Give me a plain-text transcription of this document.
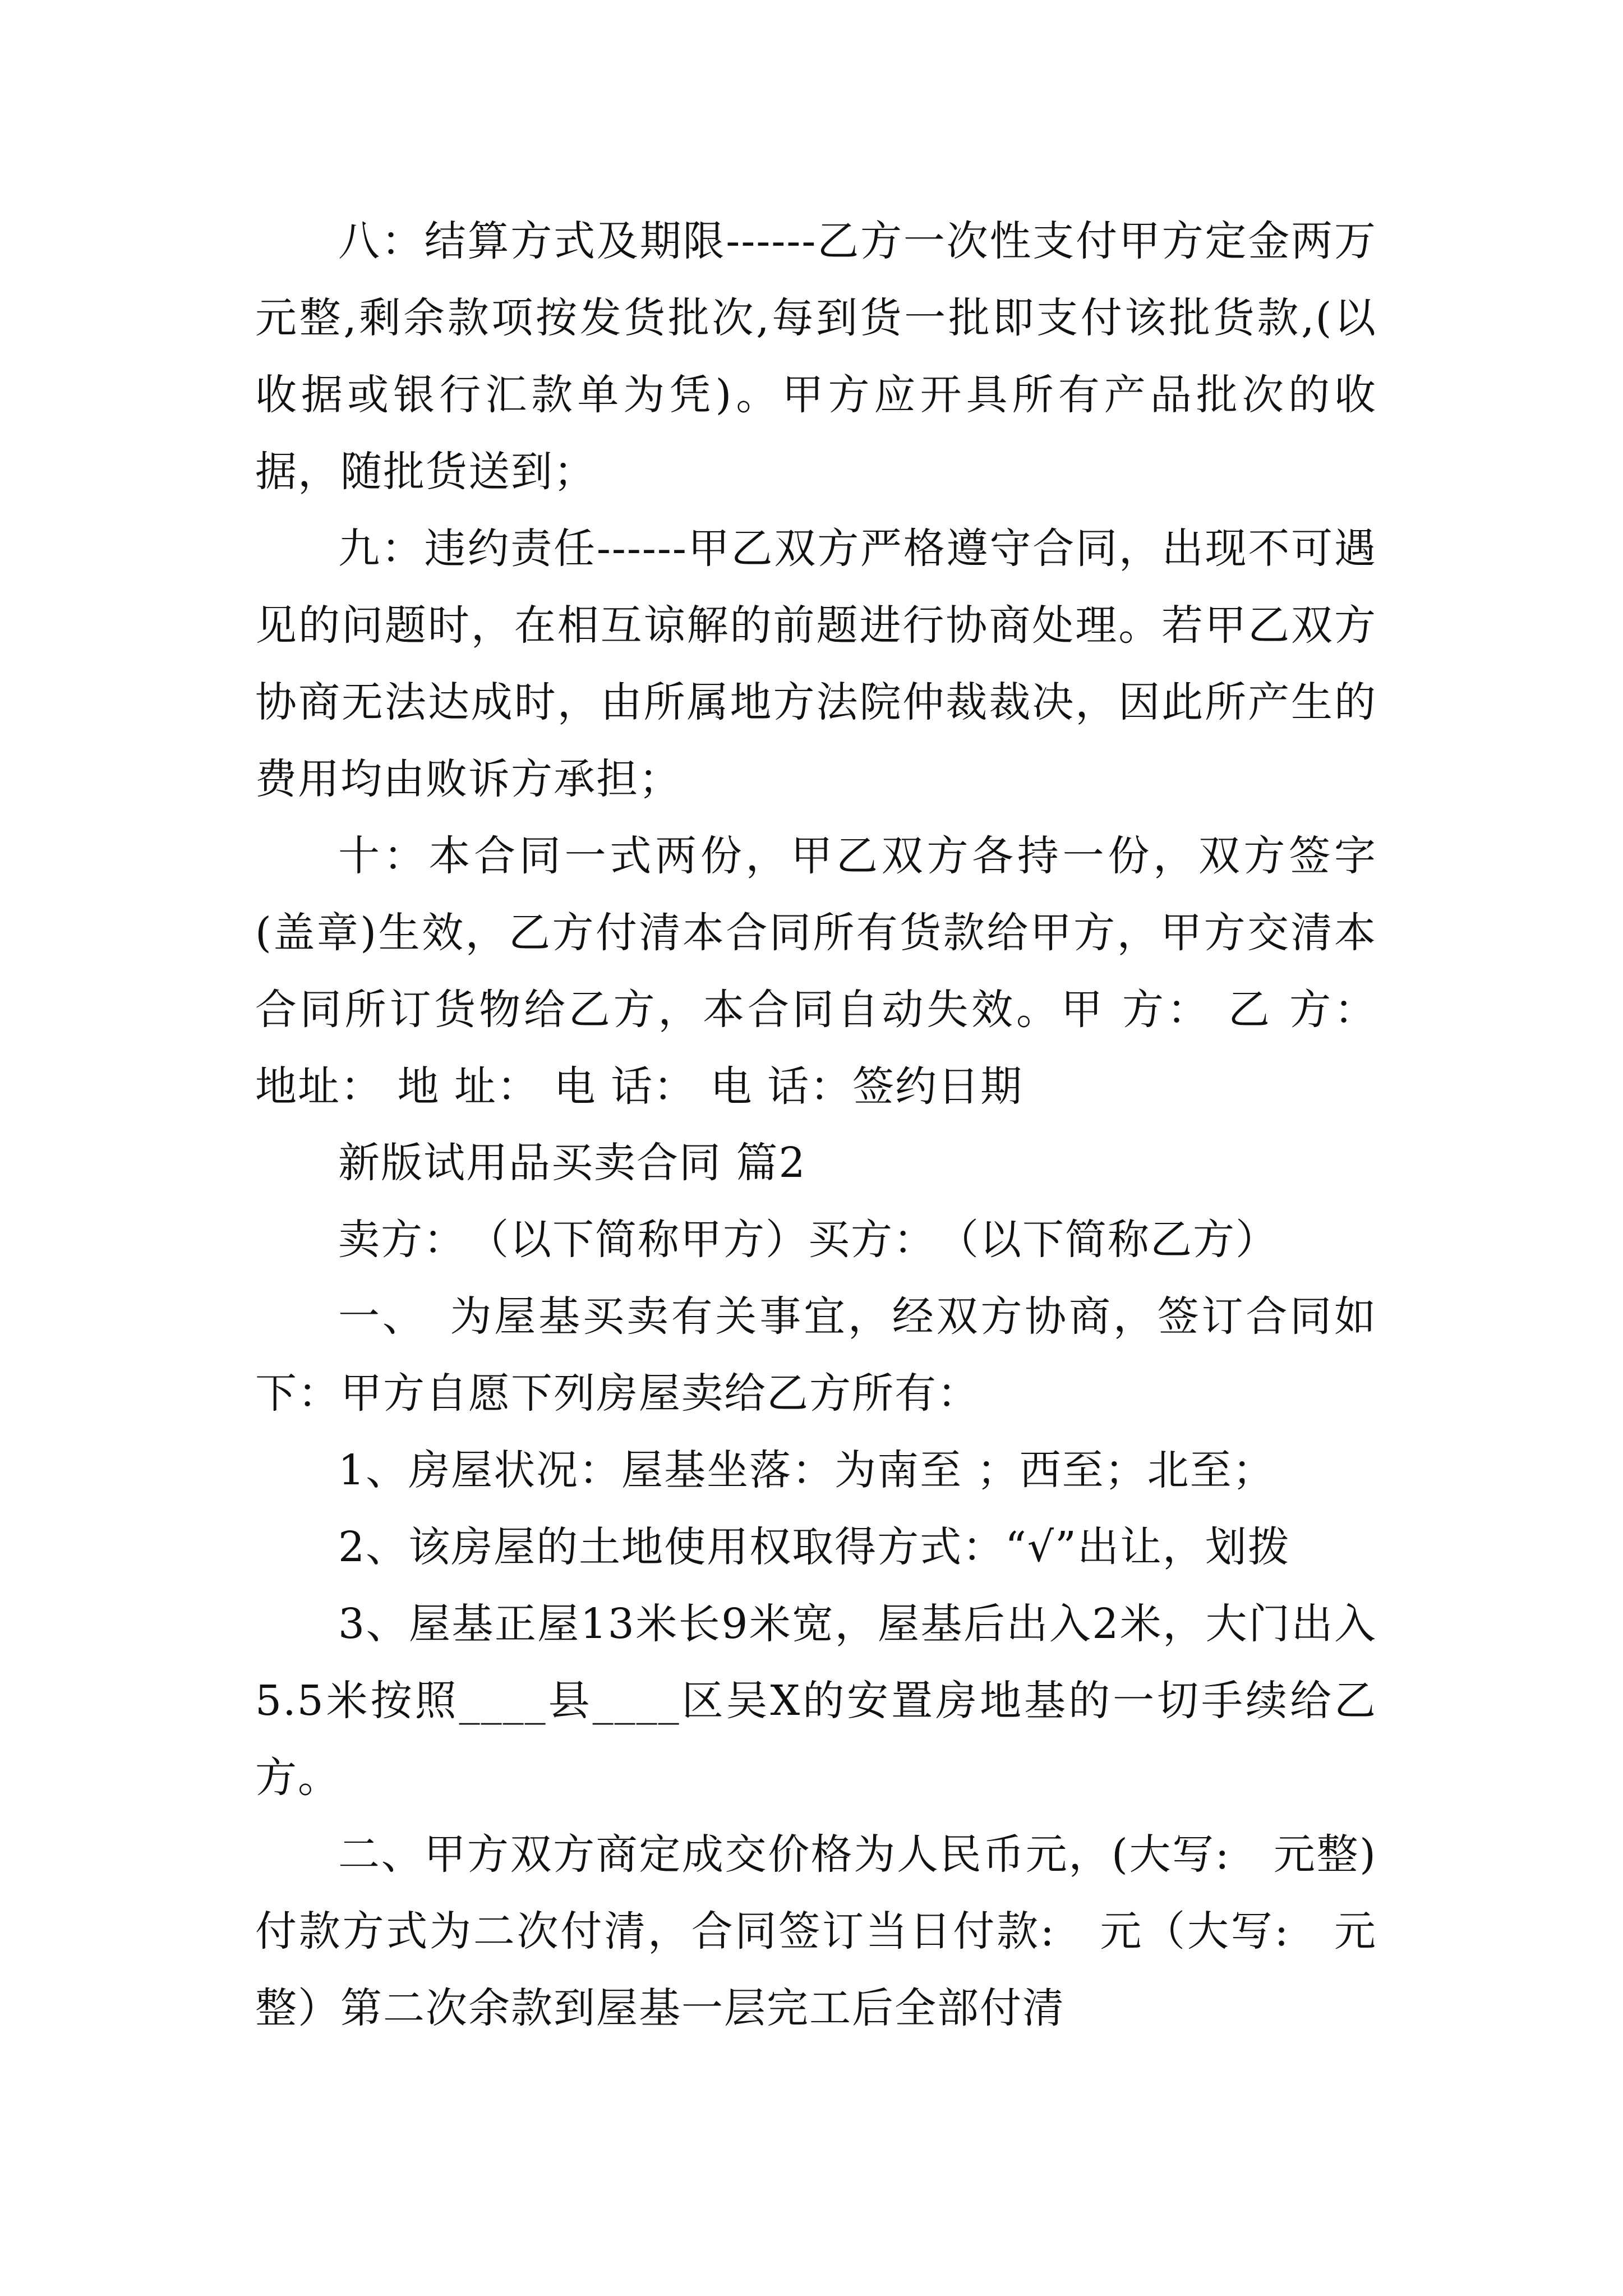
八：结算方式及期限------乙方一次性支付甲方定金两万元整,剩余款项按发货批次,每到货一批即支付该批货款,(以收据或银行汇款单为凭)。甲方应开具所有产品批次的收据，随批货送到；

九：违约责任------甲乙双方严格遵守合同，出现不可遇见的问题时，在相互谅解的前题进行协商处理。若甲乙双方协商无法达成时，由所属地方法院仲裁裁决，因此所产生的费用均由败诉方承担；

十：本合同一式两份，甲乙双方各持一份，双方签字(盖章)生效，乙方付清本合同所有货款给甲方，甲方交清本合同所订货物给乙方，本合同自动失效。甲 方： 乙 方： 地址： 地 址： 电 话： 电 话：签约日期

新版试用品买卖合同 篇2

卖方：　（以下简称甲方）买方：　（以下简称乙方）

一、　为屋基买卖有关事宜，经双方协商，签订合同如下：甲方自愿下列房屋卖给乙方所有：

1、房屋状况：屋基坐落：为南至 ；西至；北至；

2、该房屋的土地使用权取得方式：“√”出让，划拨

3、屋基正屋13米长9米宽，屋基后出入2米，大门出入5.5米按照____县____区吴X的安置房地基的一切手续给乙方。

二、甲方双方商定成交价格为人民币元，(大写:　元整)付款方式为二次付清，合同签订当日付款:　元（大写:　元整）第二次余款到屋基一层完工后全部付清
